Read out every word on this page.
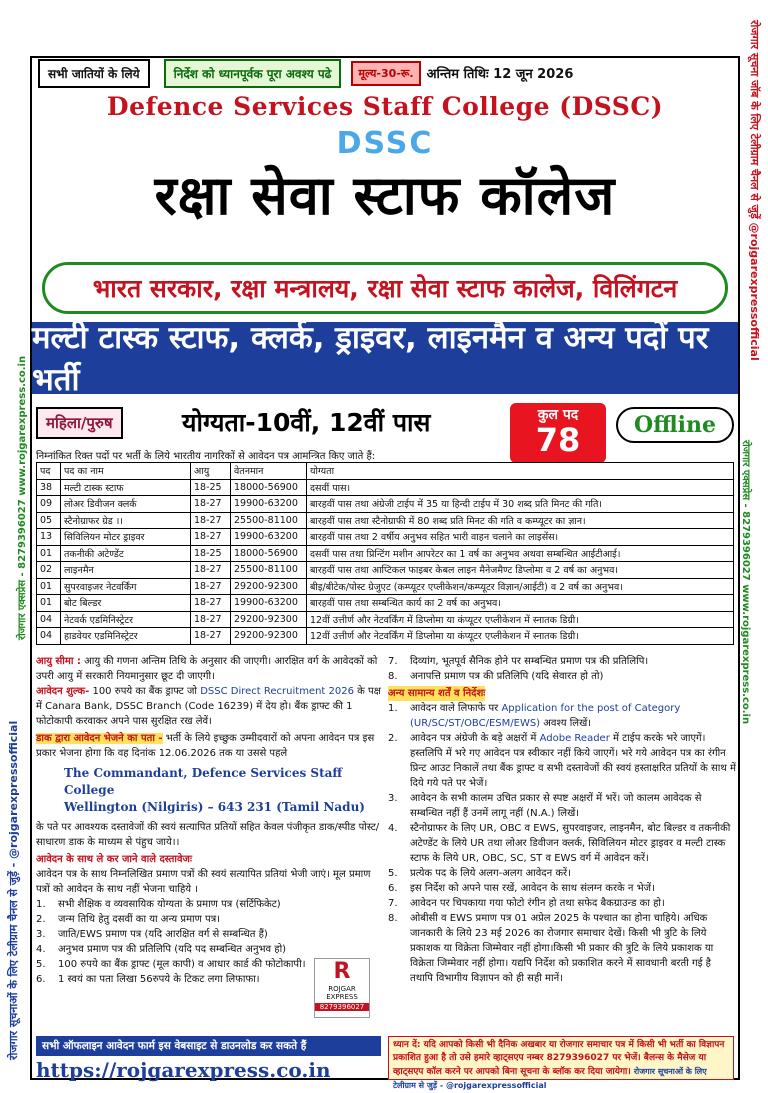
रोजगार सूचनाओं के लिए टेलीग्राम चैनल से जुड़ें - @rojgarexpressofficial
रोजगार सूचना जॉब के लिए टेलीग्राम चैनल से जुड़ें @rojgarexpressofficial
रोजगार एक्सप्रेस - 8279396027 www.rojgarexpress.co.in	रोजगार एक्सप्रेस - 8279396027 www.rojgarexpress.co.in
सभी जातियों के लिये	निर्देश को ध्यानपूर्वक पूरा अवश्य पढे	मूल्य-30-रू.	अन्तिम तिथिः 12 जून 2026
Defence Services Staff College (DSSC)
DSSC
रक्षा सेवा स्टाफ कॉलेज
भारत सरकार, रक्षा मन्त्रालय, रक्षा सेवा स्टाफ कालेज, विलिंगटन
मल्टी टास्क स्टाफ, क्लर्क, ड्राइवर, लाइनमैन व अन्य पदों पर भर्ती
महिला/पुरुष	योग्यता-10वीं, 12वीं पास	कुल पद
78	Offline
निम्नांकित रिक्त पदों पर भर्ती के लिये भारतीय नागरिकों से आवेदन पत्र आमन्त्रित किए जाते हैं:
पद	पद का नाम	आयु	वेतनमान	योग्यता
38	मल्टी टास्क स्टाफ	18-25	18000-56900	दसवीं पास।
09	लोअर डिवीजन क्लर्क	18-27	19900-63200	बारहवीं पास तथा अंग्रेजी टाईप में 35 या हिन्दी टाईप में 30 शब्द प्रति मिनट की गति।
05	स्टैनोग्राफर ग्रेड ।।	18-27	25500-81100	बारहवीं पास तथा स्टैनोग्राफी में 80 शब्द प्रति मिनट की गति व कम्प्यूटर का ज्ञान।
13	सिविलियन मोटर ड्राइवर	18-27	19900-63200	बारहवीं पास तथा 2 वर्षीय अनुभव सहित भारी वाहन चलाने का लाइसेंस।
01	तकनीकी अटेण्डेंट	18-25	18000-56900	दसवीं पास तथा प्रिन्टिंग मशीन आपरेटर का 1 वर्ष का अनुभव अथवा सम्बन्धित आईटीआई।
02	लाइनमैन	18-27	25500-81100	बारहवीं पास तथा आप्टिकल फाइबर केबल लाइन मैनेजमैण्ट डिप्लोमा व 2 वर्ष का अनुभव।
01	सुपरवाइजर नेटवर्किंग	18-27	29200-92300	बीइ/बीटेक/पोस्ट ग्रेजुएट (कम्प्यूटर एप्लीकेशन/कम्प्यूटर विज्ञान/आईटी) व 2 वर्ष का अनुभव।
01	बोट बिल्डर	18-27	19900-63200	बारहवीं पास तथा सम्बन्धित कार्य का 2 वर्ष का अनुभव।
04	नेटवर्क एडमिनिस्ट्रेटर	18-27	29200-92300	12वीं उत्तीर्ण और नेटवर्किंग में डिप्लोमा या कंप्यूटर एप्लीकेशन में स्नातक डिग्री।
04	हाडवेयर एडमिनिस्ट्रेटर	18-27	29200-92300	12वीं उत्तीर्ण और नेटवर्किंग में डिप्लोमा या कंप्यूटर एप्लीकेशन में स्नातक डिग्री।
आयु सीमा : आयु की गणना अन्तिम तिथि के अनुसार की जाएगी। आरक्षित वर्ग के आवेदकों को उपरी आयु में सरकारी नियमानुसार छूट दी जाएगी।
आवेदन शुल्क- 100 रुपये का बैंक ड्राफ्ट जो DSSC Direct Recruitment 2026 के पक्ष में Canara Bank, DSSC Branch (Code 16239) में देय हो। बैंक ड्राफ्ट की 1 फोटोकापी करवाकर अपने पास सुरक्षित रख लेवें।
डाक द्वारा आवेदन भेजने का पता - भर्ती के लिये इच्छुक उम्मीदवारों को अपना आवेदन पत्र इस प्रकार भेजना होगा कि वह दिनांक 12.06.2026 तक या उससे पहले
The Commandant, Defence Services Staff College
Wellington (Nilgiris) – 643 231 (Tamil Nadu)
के पते पर आवश्यक दस्तावेजों की स्वयं सत्यापित प्रतियों सहित केवल पंजीकृत डाक/स्पीड पोस्ट/साधारण डाक के माध्यम से पंहुच जाये।।
आवेदन के साथ ले कर जाने वाले दस्तावेजः
आवेदन पत्र के साथ निम्नलिखित प्रमाण पत्रों की स्वयं सत्यापित प्रतियां भेजी जाएं। मूल प्रमाण पत्रों को आवेदन के साथ नहीं भेजना चाहिये ।
1.	सभी शैक्षिक व व्यवसायिक योग्यता के प्रमाण पत्र (सर्टिफिकेट)
2.	जन्म तिथि हेतु दसवीं का या अन्य प्रमाण पत्र।
3.	जाति/EWS प्रमाण पत्र (यदि आरक्षित वर्ग से सम्बन्धित हैं)
4.	अनुभव प्रमाण पत्र की प्रतिलिपि (यदि पद सम्बन्धित अनुभव हो)
5.	100 रुपये का बैंक ड्राफ्ट (मूल कापी) व आधार कार्ड की फोटोकापी।
6.	1 स्वयं का पता लिखा 56रुपये के टिकट लगा लिफाफा।
7.	दिव्यांग, भूतपूर्व सैनिक होने पर सम्बन्धित प्रमाण पत्र की प्रतिलिपि।
8.	अनापत्ति प्रमाण पत्र की प्रतिलिपि (यदि सेवारत हो तो)
अन्य सामान्य शर्तें व निर्देशः
1.	आवेदन वाले लिफाफे पर Application for the post of Category (UR/SC/ST/OBC/ESM/EWS) अवश्य लिखें।
2.	आवेदन पत्र अंग्रेजी के बड़े अक्षरों में Adobe Reader में टाईप करके भरे जाएगें। हस्तलिपि में भरे गए आवेदन पत्र स्वीकार नहीं किये जाएगें। भरे गये आवेदन पत्र का रंगीन प्रिन्ट आउट निकालें तथा बैंक ड्राफ्ट व सभी दस्तावेजों की स्वयं हस्ताक्षरित प्रतियों के साथ में दिये गये पते पर भेजें।
3.	आवेदन के सभी कालम उचित प्रकार से स्पष्ट अक्षरों में भरें। जो कालम आवेदक से सम्बन्धित नहीं हैं उनमें लागू नहीं (N.A.) लिखें।
4.	स्टैनोग्राफर के लिए UR, OBC व EWS, सुपरवाइजर, लाइनमैन, बोट बिल्डर व तकनीकी अटेण्डेंट के लिये UR तथा लोअर डिवीजन क्लर्क, सिविलियन मोटर ड्राइवर व मल्टी टास्क स्टाफ के लिये UR, OBC, SC, ST व EWS वर्ग में आवेदन करें।
5.	प्रत्येक पद के लिये अलग-अलग आवेदन करें।
6.	इस निर्देश को अपने पास रखें, आवेदन के साथ संलग्न करके न भेजें।
7.	आवेदन पर चिपकाया गया फोटो रंगीन हो तथा सफेद बैकग्राउन्ड का हो।
8.	ओबीसी व EWS प्रमाण पत्र 01 अप्रेल 2025 के पश्चात का होना चाहिये। अधिक जानकारी के लिये 23 मई 2026 का रोजगार समाचार देखें। किसी भी त्रुटि के लिये प्रकाशक या विक्रेता जिम्मेवार नहीं होगा।किसी भी प्रकार की त्रुटि के लिये प्रकाशक या विक्रेता जिम्मेवार नहीं होगा। यद्यपि निर्देश को प्रकाशित करने में सावधानी बरती गई है तथापि विभागीय विज्ञापन को ही सही मानें।
R
ROJGAR EXPRESS
8279396027
सभी ऑफलाइन आवेदन फार्म इस वेबसाइट से डाउनलोड कर सकते हैं
https://rojgarexpress.co.in
ध्यान दें: यदि आपको किसी भी दैनिक अखबार या रोजगार समाचार पत्र में किसी भी भर्ती का विज्ञापन प्रकाशित हुआ है तो उसे हमारे व्हाट्सएप नम्बर 8279396027 पर भेजें। बैलन्स के मैसेज या व्हाट्सएप कॉल करने पर आपको बिना सूचना के ब्लॉक कर दिया जायेगा। रोजगार सूचनाओं के लिए टेलीग्राम से जुड़ें - @rojgarexpressofficial
